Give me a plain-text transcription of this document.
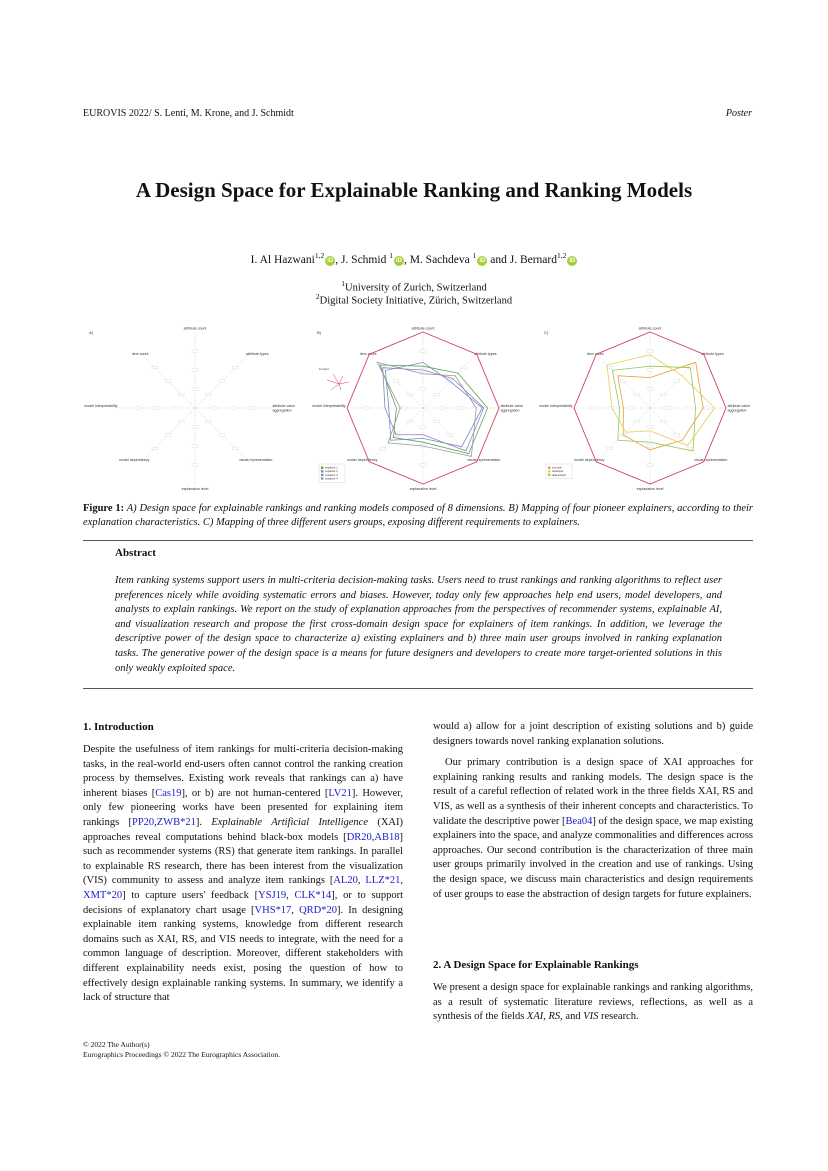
EUROVIS 2022/ S. Lenti, M. Krone, and J. Schmidt	Poster
A Design Space for Explainable Ranking and Ranking Models
I. Al Hazwani$^{1,2}$iD , J. Schmid $^1$iD , M. Sachdeva $^1$iD and J. Bernard$^{1,2}$iD
$^1$University of Zurich, Switzerland
$^2$Digital Society Initiative, Zürich, Switzerland
A)
attribute count
attribute types
attribute value
aggregation
visual representation
explanation level
model dependency
model interpretability
item count
B)
attribute count
attribute types
attribute value
aggregation
visual representation
explanation level
model dependency
model interpretability
item count
# count
explainer 1
explainer 2
explainer 3
explainer 4
C)
attribute count
attribute types
attribute value
aggregation
visual representation
explanation level
model dependency
model interpretability
item count
end user
developer
data analyst
Figure 1: A) Design space for explainable rankings and ranking models composed of 8 dimensions. B) Mapping of four pioneer explainers, according to their explanation characteristics. C) Mapping of three different users groups, exposing different requirements to explainers.
Abstract
Item ranking systems support users in multi-criteria decision-making tasks. Users need to trust rankings and ranking algorithms to reflect user preferences nicely while avoiding systematic errors and biases. However, today only few approaches help end users, model developers, and analysts to explain rankings. We report on the study of explanation approaches from the perspectives of recommender systems, explainable AI, and visualization research and propose the first cross-domain design space for explainers of item rankings. In addition, we leverage the descriptive power of the design space to characterize a) existing explainers and b) three main user groups involved in ranking explanation tasks. The generative power of the design space is a means for future designers and developers to create more target-oriented solutions in this only weakly exploited space.
1. Introduction

Despite the usefulness of item rankings for multi-criteria decision-making tasks, in the real-world end-users often cannot control the ranking creation process by themselves. Existing work reveals that rankings can a) have inherent biases [Cas19], or b) are not human-centered [LV21]. However, only few pioneering works have been presented for explaining item rankings [PP20,ZWB*21]. Explainable Artificial Intelligence (XAI) approaches reveal computations behind black-box models [DR20,AB18] such as recommender systems (RS) that generate item rankings. In parallel to explainable RS research, there has been interest from the visualization (VIS) community to assess and analyze item rankings [AL20, LLZ*21, XMT*20] to capture users' feedback [YSJ19, CLK*14], or to support decisions of explanatory chart usage [VHS*17, QRD*20]. In designing explainable item ranking systems, knowledge from different research domains such as XAI, RS, and VIS needs to integrate, with the need for a common language of description. Moreover, different stakeholders with different explainability needs exist, posing the question of how to effectively design explainable ranking systems. In summary, we identify a lack of structure that

would a) allow for a joint description of existing solutions and b) guide designers towards novel ranking explanation solutions.

Our primary contribution is a design space of XAI approaches for explaining ranking results and ranking models. The design space is the result of a careful reflection of related work in the three fields XAI, RS and VIS, as well as a synthesis of their inherent concepts and characteristics. To validate the descriptive power [Bea04] of the design space, we map existing explainers into the space, and analyze commonalities and differences across approaches. Our second contribution is the characterization of three main user groups primarily involved in the creation and use of rankings. Using the design space, we discuss main characteristics and design requirements of user groups to ease the abstraction of design targets for future explainers.

2. A Design Space for Explainable Rankings

We present a design space for explainable rankings and ranking algorithms, as a result of systematic literature reviews, reflections, as well as a synthesis of the fields XAI, RS, and VIS research.

© 2022 The Author(s)
Eurographics Proceedings © 2022 The Eurographics Association.
